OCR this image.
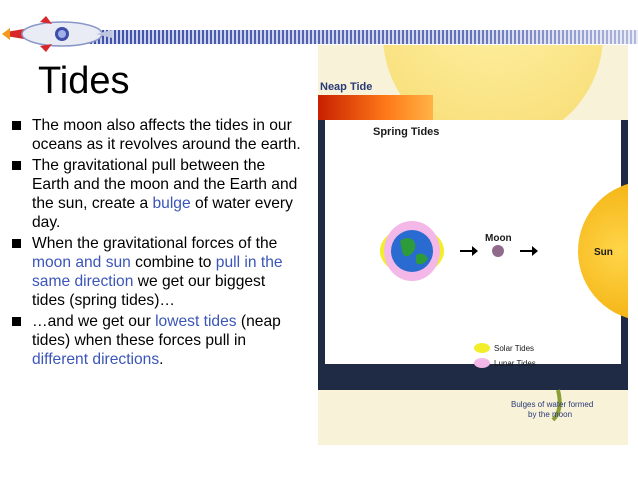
Tides
The moon also affects the tides in our oceans as it revolves around the earth.
The gravitational pull between the Earth and the moon and the Earth and the sun, create a bulge of water every day.
When the gravitational forces of the moon and sun combine to pull in the same direction we get our biggest tides (spring tides)…
…and we get our lowest tides (neap tides) when these forces pull in different directions.
Neap Tide
Spring Tides
Moon
Sun
Solar Tides
Lunar Tides
Bulges of water formed
by the moon
